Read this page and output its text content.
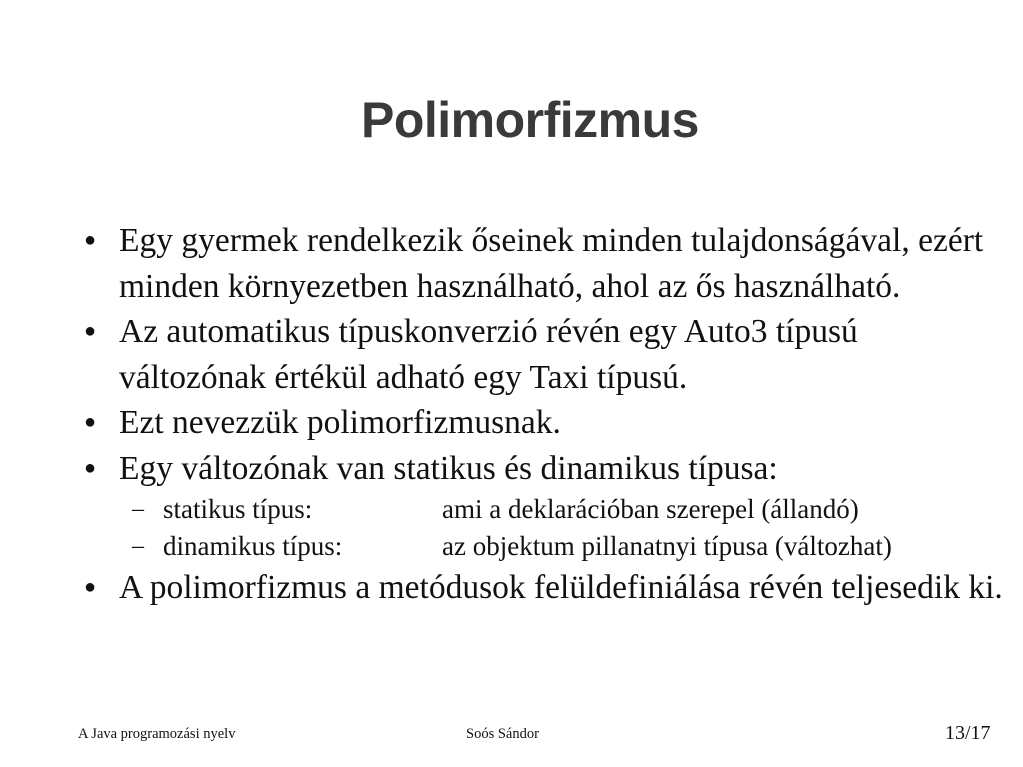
Polimorfizmus
● Egy gyermek rendelkezik őseinek minden tulajdonságával, ezért minden környezetben használható, ahol az ős használható.
● Az automatikus típuskonverzió révén egy Auto3 típusú változónak értékül adható egy Taxi típusú.
● Ezt nevezzük polimorfizmusnak.
● Egy változónak van statikus és dinamikus típusa:
– statikus típus:	ami a deklarációban szerepel (állandó)
– dinamikus típus:	az objektum pillanatnyi típusa (változhat)
● A polimorfizmus a metódusok felüldefiniálása révén teljesedik ki.
A Java programozási nyelv	Soós Sándor	13/17
